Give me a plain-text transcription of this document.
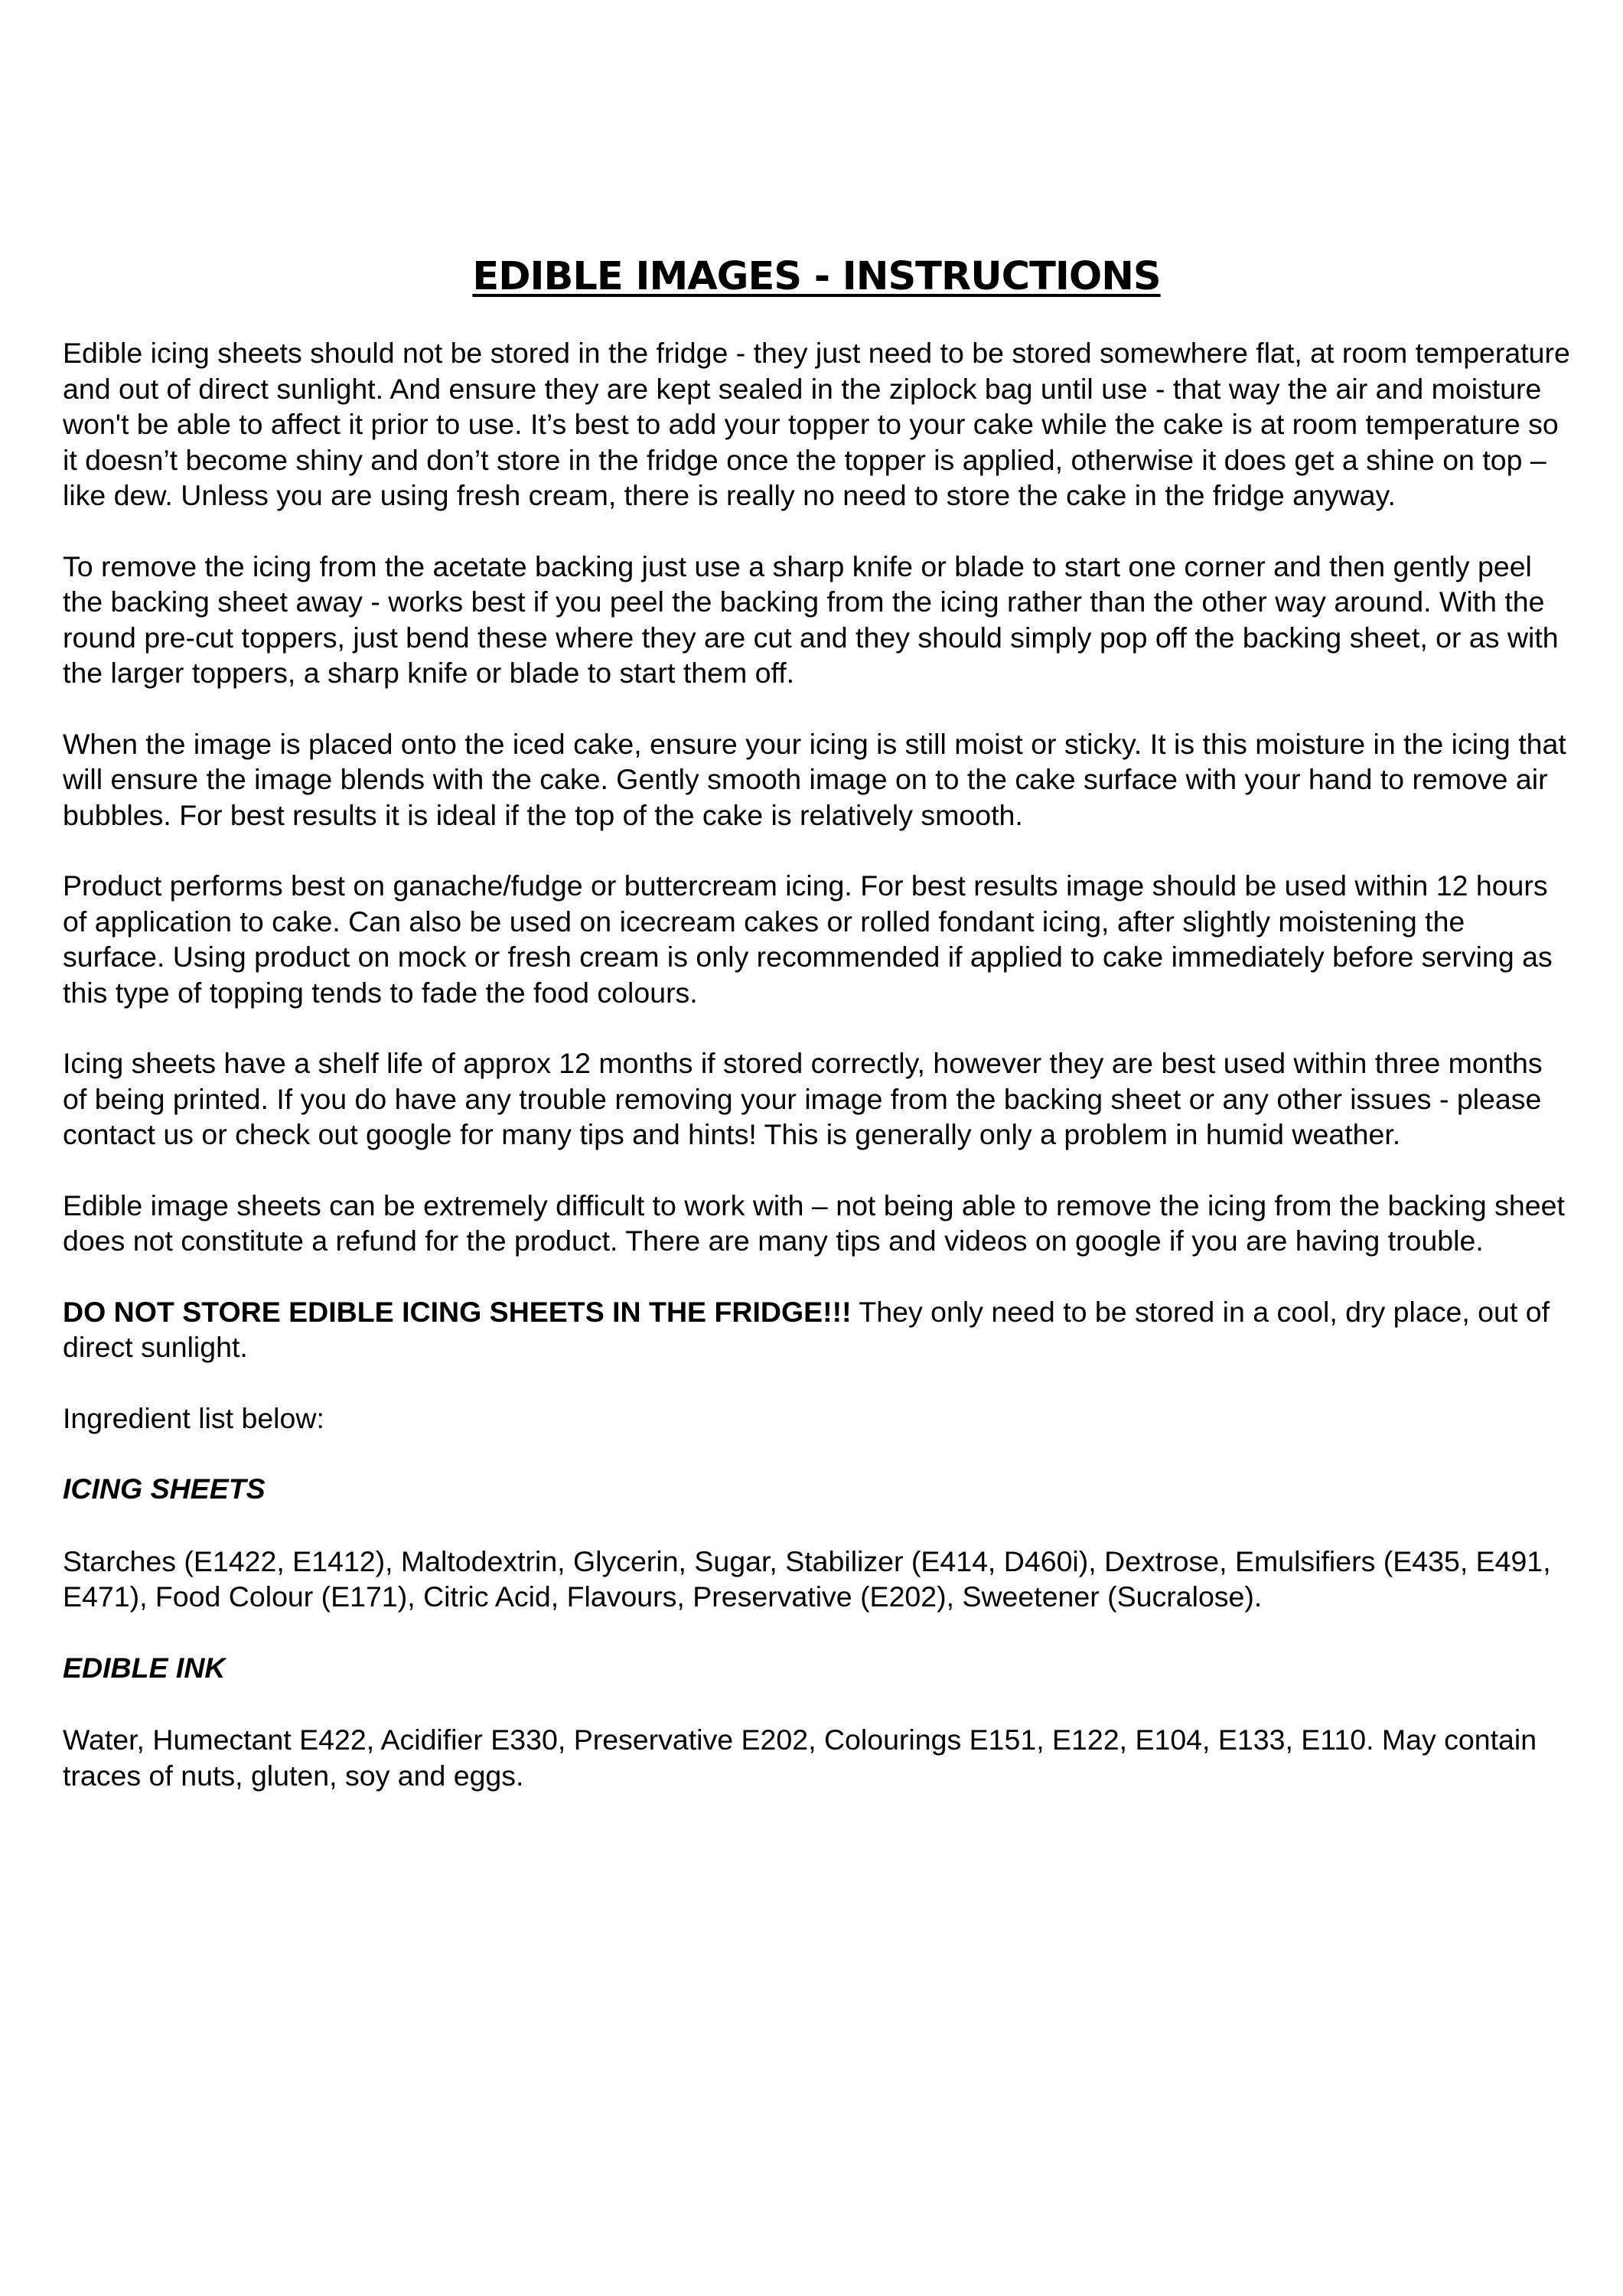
EDIBLE IMAGES - INSTRUCTIONS

Edible icing sheets should not be stored in the fridge - they just need to be stored somewhere flat, at room temperature and out of direct sunlight. And ensure they are kept sealed in the ziplock bag until use - that way the air and moisture won't be able to affect it prior to use. It’s best to add your topper to your cake while the cake is at room temperature so it doesn’t become shiny and don’t store in the fridge once the topper is applied, otherwise it does get a shine on top – like dew. Unless you are using fresh cream, there is really no need to store the cake in the fridge anyway.

To remove the icing from the acetate backing just use a sharp knife or blade to start one corner and then gently peel the backing sheet away - works best if you peel the backing from the icing rather than the other way around. With the round pre-cut toppers, just bend these where they are cut and they should simply pop off the backing sheet, or as with the larger toppers, a sharp knife or blade to start them off.

When the image is placed onto the iced cake, ensure your icing is still moist or sticky. It is this moisture in the icing that will ensure the image blends with the cake. Gently smooth image on to the cake surface with your hand to remove air bubbles. For best results it is ideal if the top of the cake is relatively smooth.

Product performs best on ganache/fudge or buttercream icing. For best results image should be used within 12 hours of application to cake. Can also be used on icecream cakes or rolled fondant icing, after slightly moistening the surface. Using product on mock or fresh cream is only recommended if applied to cake immediately before serving as this type of topping tends to fade the food colours.

Icing sheets have a shelf life of approx 12 months if stored correctly, however they are best used within three months of being printed. If you do have any trouble removing your image from the backing sheet or any other issues - please contact us or check out google for many tips and hints! This is generally only a problem in humid weather.

Edible image sheets can be extremely difficult to work with – not being able to remove the icing from the backing sheet does not constitute a refund for the product. There are many tips and videos on google if you are having trouble.

DO NOT STORE EDIBLE ICING SHEETS IN THE FRIDGE!!! They only need to be stored in a cool, dry place, out of direct sunlight.

Ingredient list below:

ICING SHEETS

Starches (E1422, E1412), Maltodextrin, Glycerin, Sugar, Stabilizer (E414, D460i), Dextrose, Emulsifiers (E435, E491, E471), Food Colour (E171), Citric Acid, Flavours, Preservative (E202), Sweetener (Sucralose).

EDIBLE INK

Water, Humectant E422, Acidifier E330, Preservative E202, Colourings E151, E122, E104, E133, E110. May contain traces of nuts, gluten, soy and eggs.
